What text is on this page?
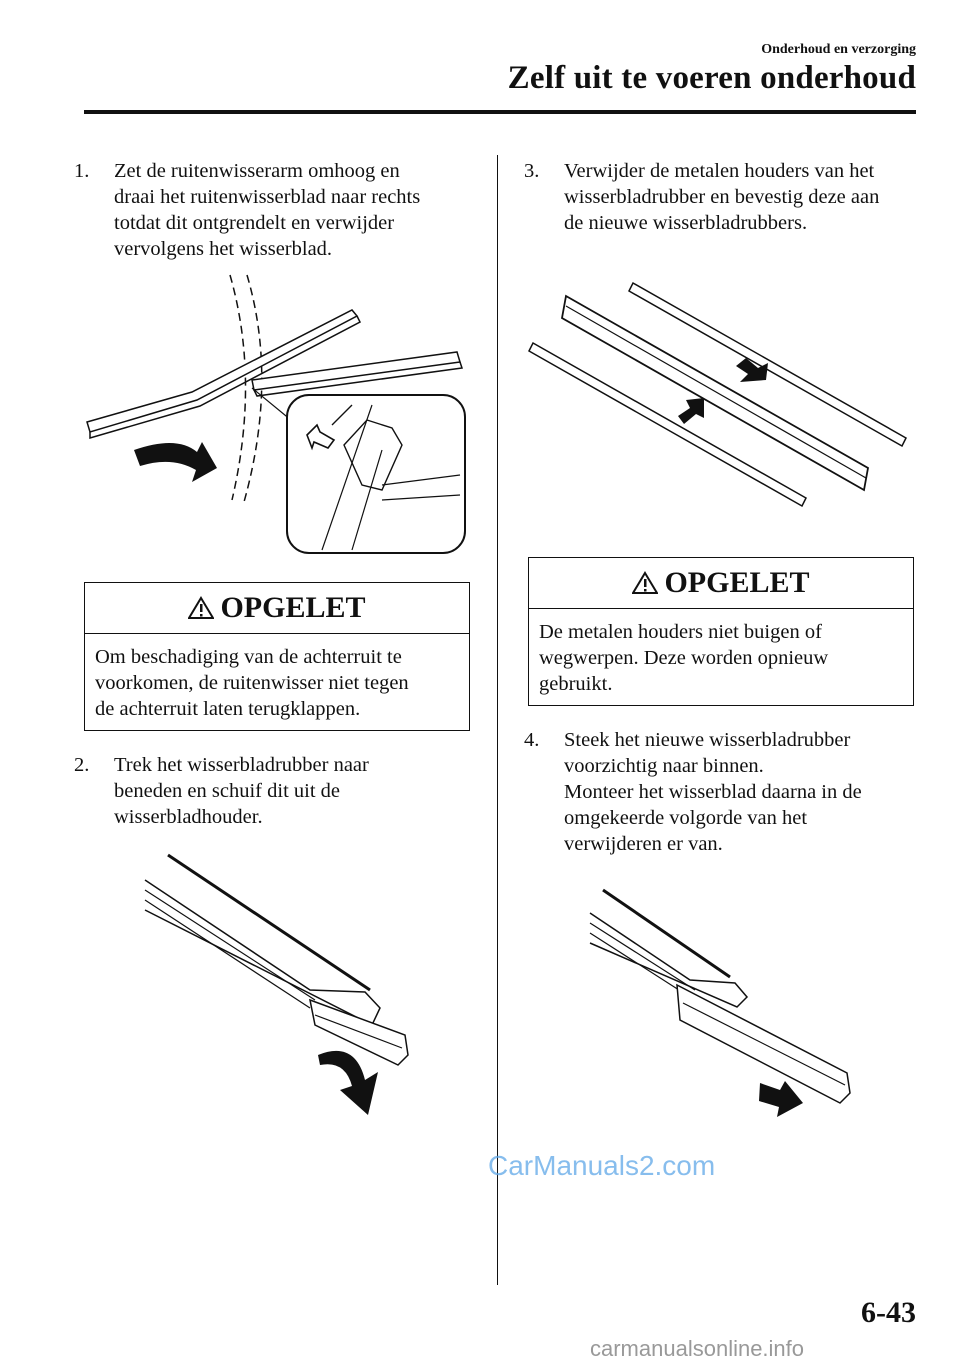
Onderhoud en verzorging
Zelf uit te voeren onderhoud
1. Zet de ruitenwisserarm omhoog en
draai het ruitenwisserblad naar rechts
totdat dit ontgrendelt en verwijder
vervolgens het wisserblad.
OPGELET
Om beschadiging van de achterruit te
voorkomen, de ruitenwisser niet tegen
de achterruit laten terugklappen.
2. Trek het wisserbladrubber naar
beneden en schuif dit uit de
wisserbladhouder.
3. Verwijder de metalen houders van het
wisserbladrubber en bevestig deze aan
de nieuwe wisserbladrubbers.
OPGELET
De metalen houders niet buigen of
wegwerpen. Deze worden opnieuw
gebruikt.
4. Steek het nieuwe wisserbladrubber
voorzichtig naar binnen.
Monteer het wisserblad daarna in de
omgekeerde volgorde van het
verwijderen er van.
CarManuals2.com
6-43
carmanualsonline.info
